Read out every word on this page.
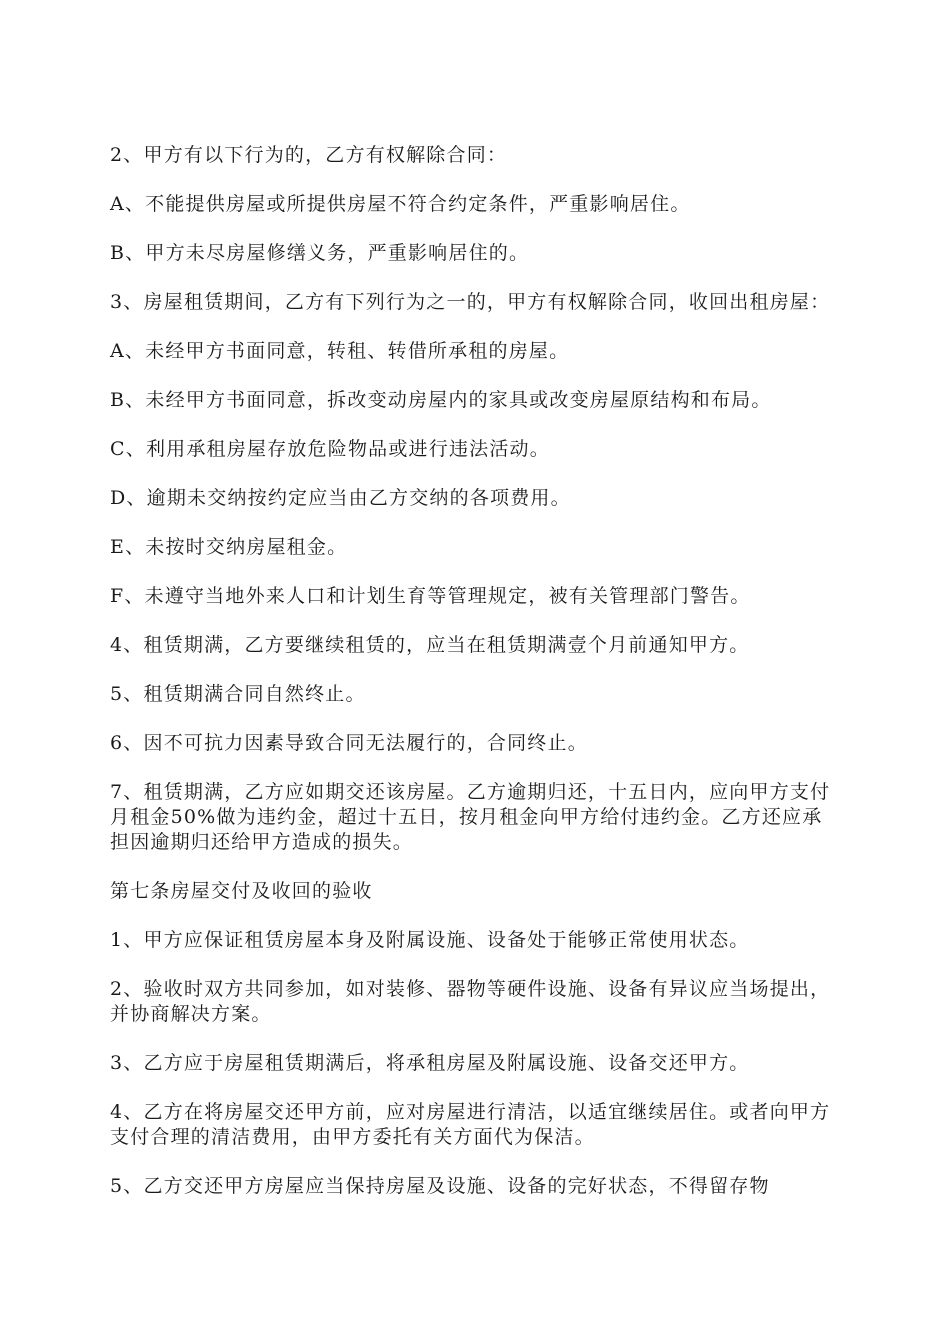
2、甲方有以下行为的，乙方有权解除合同：

A、不能提供房屋或所提供房屋不符合约定条件，严重影响居住。

B、甲方未尽房屋修缮义务，严重影响居住的。

3、房屋租赁期间，乙方有下列行为之一的，甲方有权解除合同，收回出租房屋：

A、未经甲方书面同意，转租、转借所承租的房屋。

B、未经甲方书面同意，拆改变动房屋内的家具或改变房屋原结构和布局。

C、利用承租房屋存放危险物品或进行违法活动。

D、逾期未交纳按约定应当由乙方交纳的各项费用。

E、未按时交纳房屋租金。

F、未遵守当地外来人口和计划生育等管理规定，被有关管理部门警告。

4、租赁期满，乙方要继续租赁的，应当在租赁期满壹个月前通知甲方。

5、租赁期满合同自然终止。

6、因不可抗力因素导致合同无法履行的，合同终止。

7、租赁期满，乙方应如期交还该房屋。乙方逾期归还，十五日内，应向甲方支付月租金50%做为违约金，超过十五日，按月租金向甲方给付违约金。乙方还应承担因逾期归还给甲方造成的损失。

第七条房屋交付及收回的验收

1、甲方应保证租赁房屋本身及附属设施、设备处于能够正常使用状态。

2、验收时双方共同参加，如对装修、器物等硬件设施、设备有异议应当场提出，并协商解决方案。

3、乙方应于房屋租赁期满后，将承租房屋及附属设施、设备交还甲方。

4、乙方在将房屋交还甲方前，应对房屋进行清洁，以适宜继续居住。或者向甲方支付合理的清洁费用，由甲方委托有关方面代为保洁。

5、乙方交还甲方房屋应当保持房屋及设施、设备的完好状态，不得留存物
